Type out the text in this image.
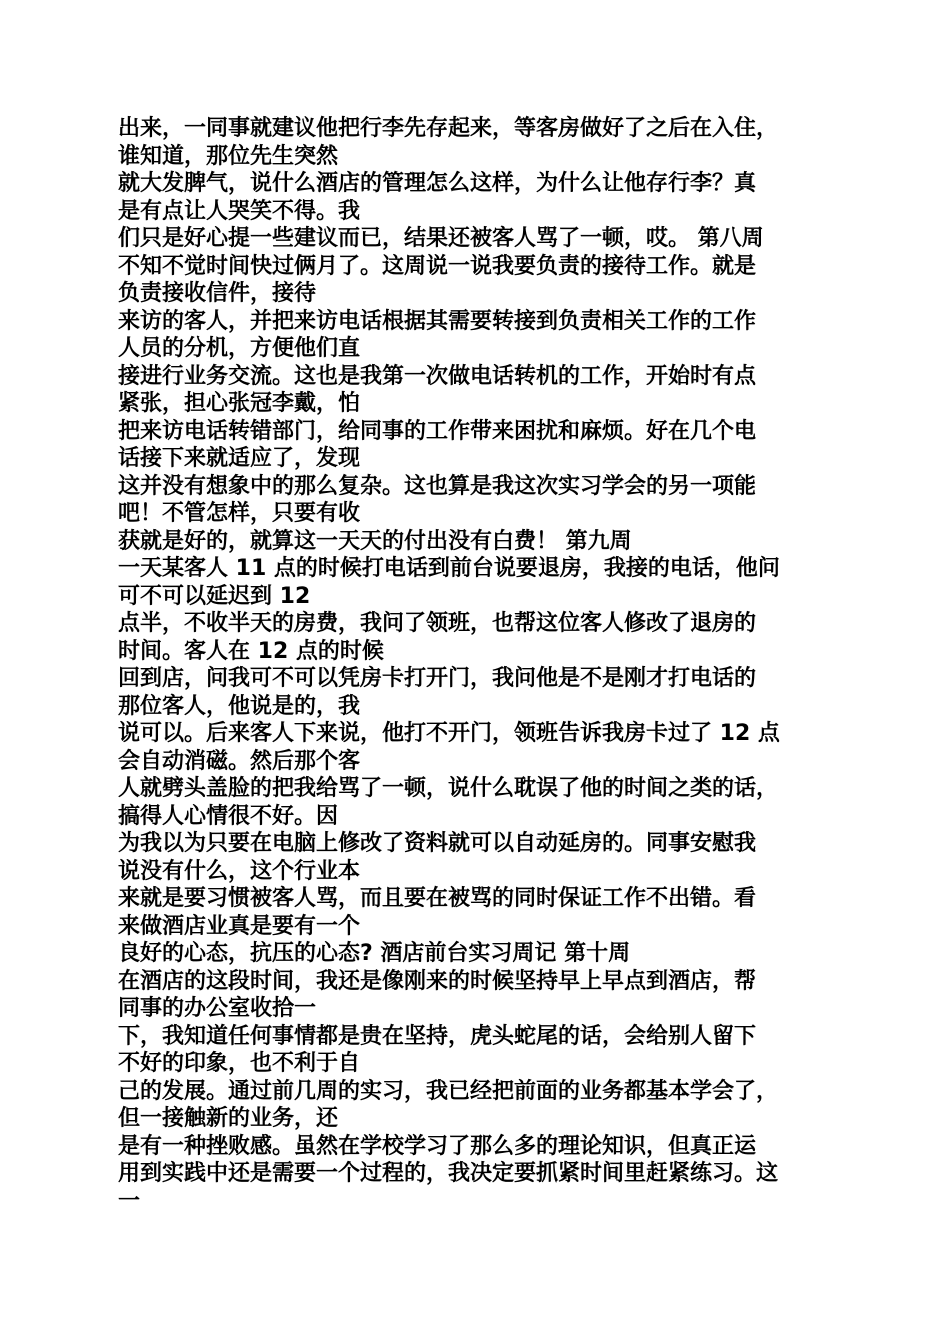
出来，一同事就建议他把行李先存起来，等客房做好了之后在入住，
谁知道，那位先生突然
就大发脾气，说什么酒店的管理怎么这样，为什么让他存行李？真
是有点让人哭笑不得。我
们只是好心提一些建议而已，结果还被客人骂了一顿，哎。 第八周
不知不觉时间快过俩月了。这周说一说我要负责的接待工作。就是
负责接收信件，接待
来访的客人，并把来访电话根据其需要转接到负责相关工作的工作
人员的分机，方便他们直
接进行业务交流。这也是我第一次做电话转机的工作，开始时有点
紧张，担心张冠李戴，怕
把来访电话转错部门，给同事的工作带来困扰和麻烦。好在几个电
话接下来就适应了，发现
这并没有想象中的那么复杂。这也算是我这次实习学会的另一项能
吧！不管怎样，只要有收
获就是好的，就算这一天天的付出没有白费！ 第九周
一天某客人 11 点的时候打电话到前台说要退房，我接的电话，他问
可不可以延迟到 12
点半，不收半天的房费，我问了领班，也帮这位客人修改了退房的
时间。客人在 12 点的时候
回到店，问我可不可以凭房卡打开门，我问他是不是刚才打电话的
那位客人，他说是的，我
说可以。后来客人下来说，他打不开门，领班告诉我房卡过了 12 点
会自动消磁。然后那个客
人就劈头盖脸的把我给骂了一顿，说什么耽误了他的时间之类的话，
搞得人心情很不好。因
为我以为只要在电脑上修改了资料就可以自动延房的。同事安慰我
说没有什么，这个行业本
来就是要习惯被客人骂，而且要在被骂的同时保证工作不出错。看
来做酒店业真是要有一个
良好的心态，抗压的心态? 酒店前台实习周记 第十周
在酒店的这段时间，我还是像刚来的时候坚持早上早点到酒店，帮
同事的办公室收拾一
下，我知道任何事情都是贵在坚持，虎头蛇尾的话，会给别人留下
不好的印象，也不利于自
己的发展。通过前几周的实习，我已经把前面的业务都基本学会了，
但一接触新的业务，还
是有一种挫败感。虽然在学校学习了那么多的理论知识，但真正运
用到实践中还是需要一个过程的，我决定要抓紧时间里赶紧练习。这
一
